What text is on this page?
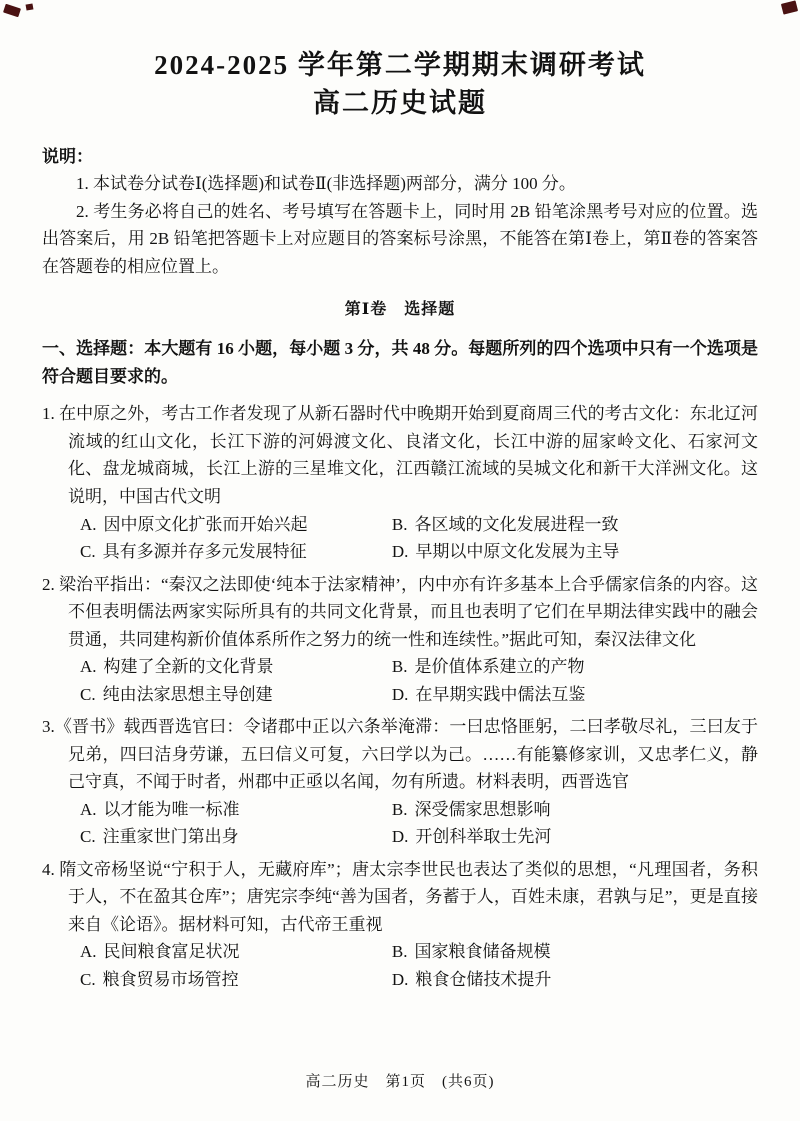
2024-2025 学年第二学期期末调研考试
高二历史试题
说明：

1. 本试卷分试卷Ⅰ(选择题)和试卷Ⅱ(非选择题)两部分，满分 100 分。

2. 考生务必将自己的姓名、考号填写在答题卡上，同时用 2B 铅笔涂黑考号对应的位置。选出答案后，用 2B 铅笔把答题卡上对应题目的答案标号涂黑，不能答在第Ⅰ卷上，第Ⅱ卷的答案答在答题卷的相应位置上。

第Ⅰ卷　选择题

一、选择题：本大题有 16 小题，每小题 3 分，共 48 分。每题所列的四个选项中只有一个选项是符合题目要求的。

1. 在中原之外，考古工作者发现了从新石器时代中晚期开始到夏商周三代的考古文化：东北辽河流域的红山文化，长江下游的河姆渡文化、良渚文化，长江中游的屈家岭文化、石家河文化、盘龙城商城，长江上游的三星堆文化，江西赣江流域的吴城文化和新干大洋洲文化。这说明，中国古代文明

A. 因中原文化扩张而开始兴起	B. 各区域的文化发展进程一致
C. 具有多源并存多元发展特征	D. 早期以中原文化发展为主导

2. 梁治平指出：“秦汉之法即使‘纯本于法家精神’，内中亦有许多基本上合乎儒家信条的内容。这不但表明儒法两家实际所具有的共同文化背景，而且也表明了它们在早期法律实践中的融会贯通，共同建构新价值体系所作之努力的统一性和连续性。”据此可知，秦汉法律文化

A. 构建了全新的文化背景	B. 是价值体系建立的产物
C. 纯由法家思想主导创建	D. 在早期实践中儒法互鉴

3.《晋书》载西晋选官曰：令诸郡中正以六条举淹滞：一曰忠恪匪躬，二曰孝敬尽礼，三曰友于兄弟，四曰洁身劳谦，五曰信义可复，六曰学以为己。……有能纂修家训，又忠孝仁义，静己守真，不闻于时者，州郡中正亟以名闻，勿有所遗。材料表明，西晋选官

A. 以才能为唯一标准	B. 深受儒家思想影响
C. 注重家世门第出身	D. 开创科举取士先河

4. 隋文帝杨坚说“宁积于人，无藏府库”；唐太宗李世民也表达了类似的思想，“凡理国者，务积于人，不在盈其仓库”；唐宪宗李纯“善为国者，务蓄于人，百姓未康，君孰与足”，更是直接来自《论语》。据材料可知，古代帝王重视

A. 民间粮食富足状况	B. 国家粮食储备规模
C. 粮食贸易市场管控	D. 粮食仓储技术提升
高二历史　第1页　(共6页)
